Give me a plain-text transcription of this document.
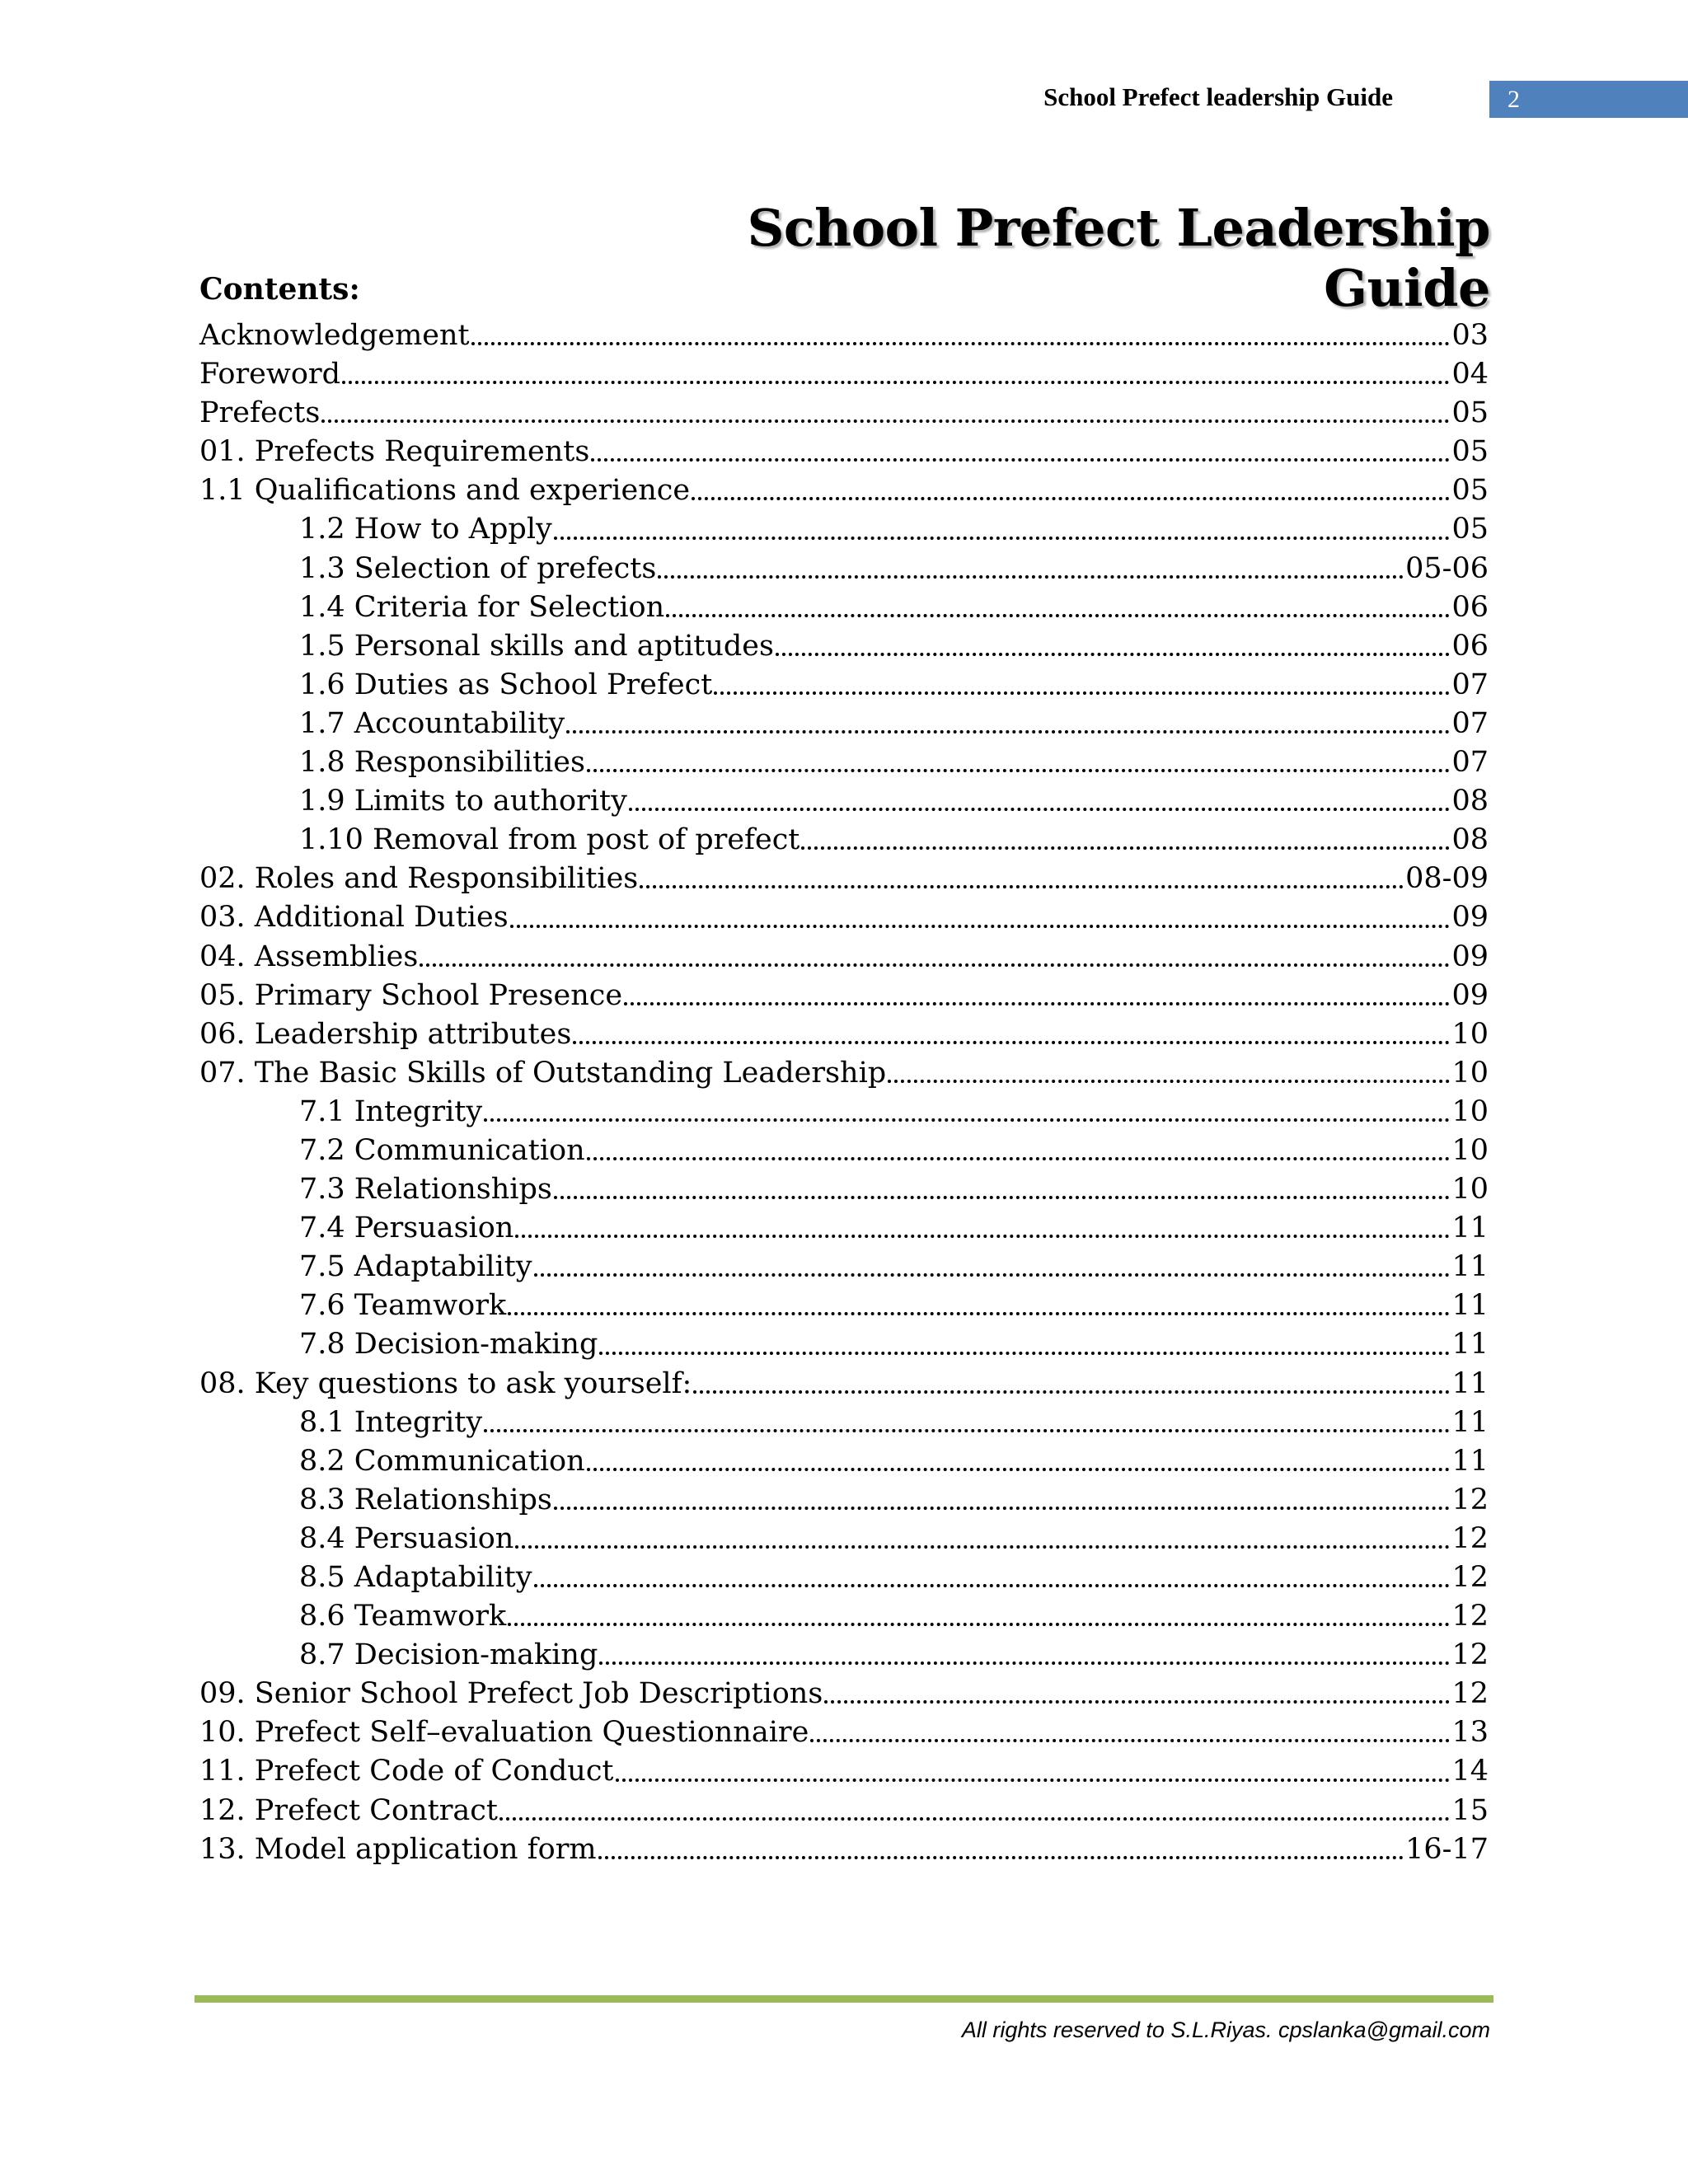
School Prefect leadership Guide	2
School Prefect Leadership Guide
Contents:
Acknowledgement	03
Foreword	04
Prefects	05
01. Prefects Requirements	05
1.1 Qualifications and experience	05
1.2 How to Apply	05
1.3 Selection of prefects	05-06
1.4 Criteria for Selection	06
1.5 Personal skills and aptitudes	06
1.6 Duties as School Prefect	07
1.7 Accountability	07
1.8 Responsibilities	07
1.9 Limits to authority	08
1.10 Removal from post of prefect	08
02. Roles and Responsibilities	08-09
03. Additional Duties	09
04. Assemblies	09
05. Primary School Presence	09
06. Leadership attributes	10
07. The Basic Skills of Outstanding Leadership	10
7.1 Integrity	10
7.2 Communication	10
7.3 Relationships	10
7.4 Persuasion	11
7.5 Adaptability	11
7.6 Teamwork	11
7.8 Decision-making	11
08. Key questions to ask yourself:	11
8.1 Integrity	11
8.2 Communication	11
8.3 Relationships	12
8.4 Persuasion	12
8.5 Adaptability	12
8.6 Teamwork	12
8.7 Decision-making	12
09. Senior School Prefect Job Descriptions	12
10. Prefect Self–evaluation Questionnaire	13
11. Prefect Code of Conduct	14
12. Prefect Contract	15
13. Model application form	16-17
All rights reserved to S.L.Riyas. cpslanka@gmail.com
